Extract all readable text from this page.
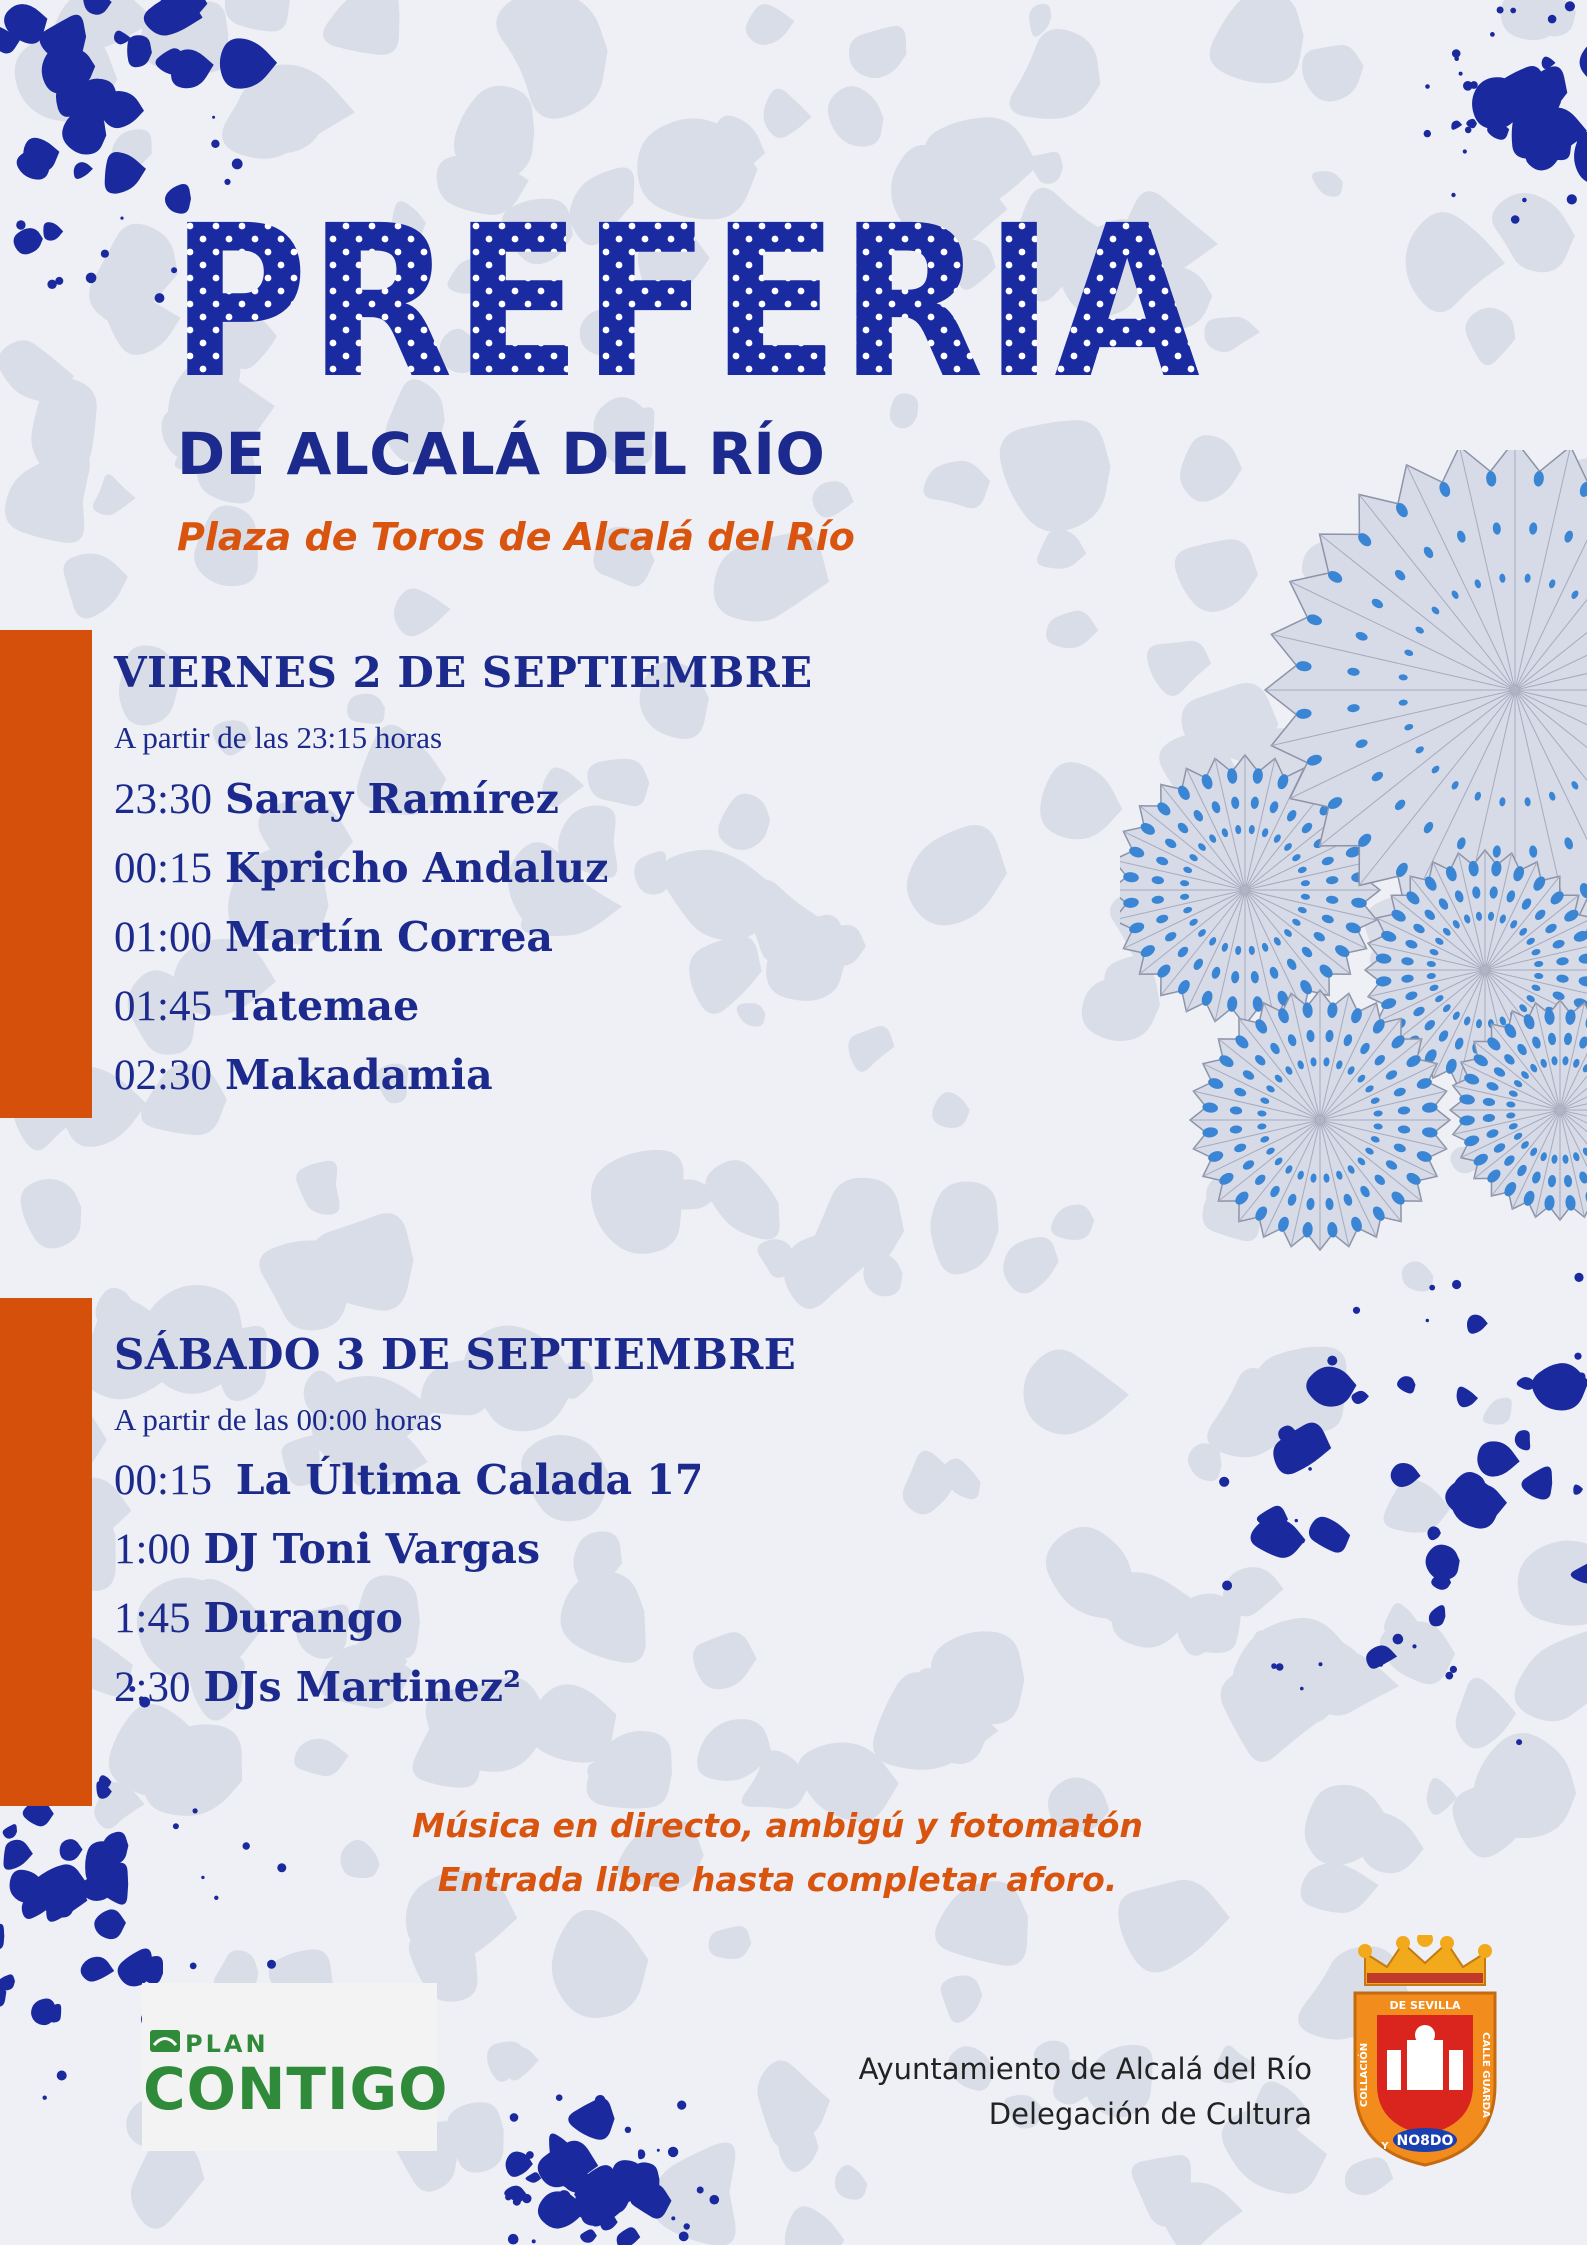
PREFERIA
DE ALCALÁ DEL RÍO
Plaza de Toros de Alcalá del Río
VIERNES 2 DE SEPTIEMBRE
A partir de las 23:15 horas
23:30 Saray Ramírez
00:15 Kpricho Andaluz
01:00 Martín Correa
01:45 Tatemae
02:30 Makadamia
SÁBADO 3 DE SEPTIEMBRE
A partir de las 00:00 horas
00:15  La Última Calada 17
1:00 DJ Toni Vargas
1:45 Durango
2:30 DJs Martinez²
Música en directo, ambigú y fotomatón
Entrada libre hasta completar aforo.
PLAN
CONTIGO	Ayuntamiento de Alcalá del Río
Delegación de Cultura
DE SEVILLA
COLLACIÓN	CALLE GUARDA
Y NO8DO
